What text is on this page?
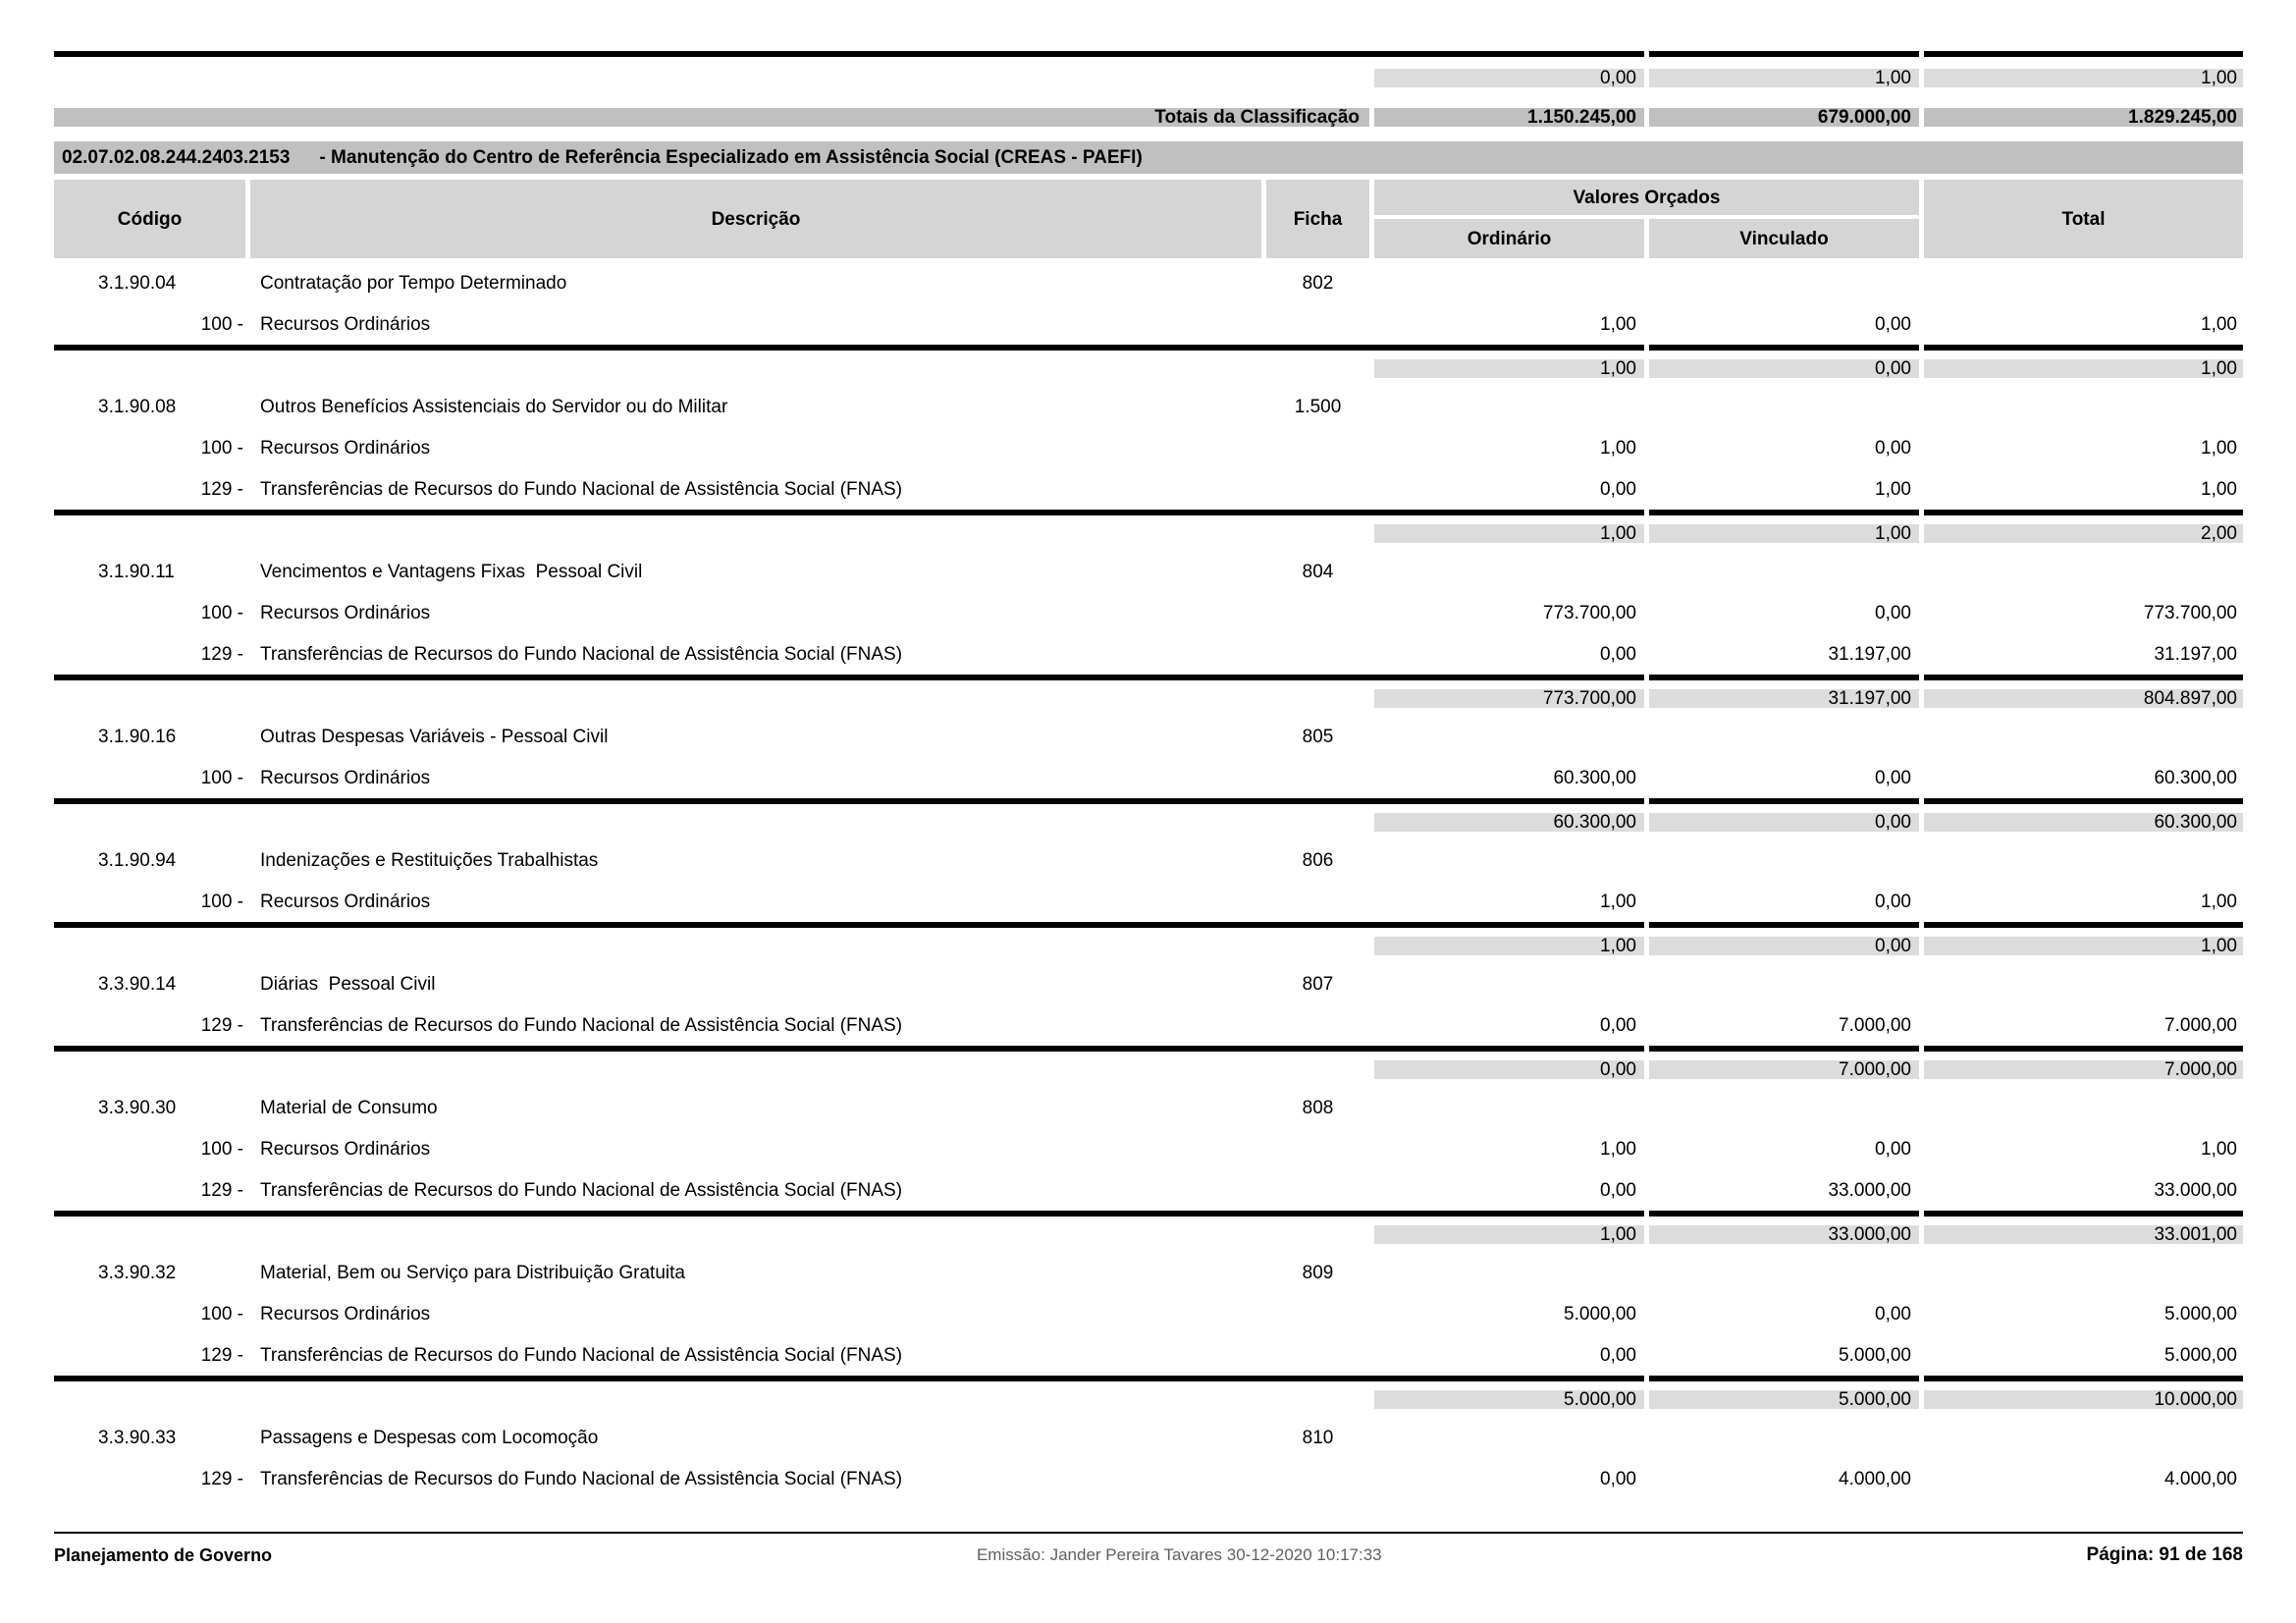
0,00	1,00	1,00
Totais da Classificação	1.150.245,00	679.000,00	1.829.245,00
02.07.02.08.244.2403.2153 - Manutenção do Centro de Referência Especializado em Assistência Social (CREAS - PAEFI)
Código	Descrição	Ficha
Valores Orçados
Ordinário	Vinculado
Total
3.1.90.04	Contratação por Tempo Determinado	802
100 - Recursos Ordinários	1,00	0,00	1,00
1,00	0,00	1,00
3.1.90.08	Outros Benefícios Assistenciais do Servidor ou do Militar	1.500
100 - Recursos Ordinários	1,00	0,00	1,00
129 - Transferências de Recursos do Fundo Nacional de Assistência Social (FNAS)	0,00	1,00	1,00
1,00	1,00	2,00
3.1.90.11	Vencimentos e Vantagens Fixas  Pessoal Civil	804
100 - Recursos Ordinários	773.700,00	0,00	773.700,00
129 - Transferências de Recursos do Fundo Nacional de Assistência Social (FNAS)	0,00	31.197,00	31.197,00
773.700,00	31.197,00	804.897,00
3.1.90.16	Outras Despesas Variáveis - Pessoal Civil	805
100 - Recursos Ordinários	60.300,00	0,00	60.300,00
60.300,00	0,00	60.300,00
3.1.90.94	Indenizações e Restituições Trabalhistas	806
100 - Recursos Ordinários	1,00	0,00	1,00
1,00	0,00	1,00
3.3.90.14	Diárias  Pessoal Civil	807
129 - Transferências de Recursos do Fundo Nacional de Assistência Social (FNAS)	0,00	7.000,00	7.000,00
0,00	7.000,00	7.000,00
3.3.90.30	Material de Consumo	808
100 - Recursos Ordinários	1,00	0,00	1,00
129 - Transferências de Recursos do Fundo Nacional de Assistência Social (FNAS)	0,00	33.000,00	33.000,00
1,00	33.000,00	33.001,00
3.3.90.32	Material, Bem ou Serviço para Distribuição Gratuita	809
100 - Recursos Ordinários	5.000,00	0,00	5.000,00
129 - Transferências de Recursos do Fundo Nacional de Assistência Social (FNAS)	0,00	5.000,00	5.000,00
5.000,00	5.000,00	10.000,00
3.3.90.33	Passagens e Despesas com Locomoção	810
129 - Transferências de Recursos do Fundo Nacional de Assistência Social (FNAS)	0,00	4.000,00	4.000,00
Planejamento de Governo	Emissão: Jander Pereira Tavares 30-12-2020 10:17:33	Página: 91 de 168
